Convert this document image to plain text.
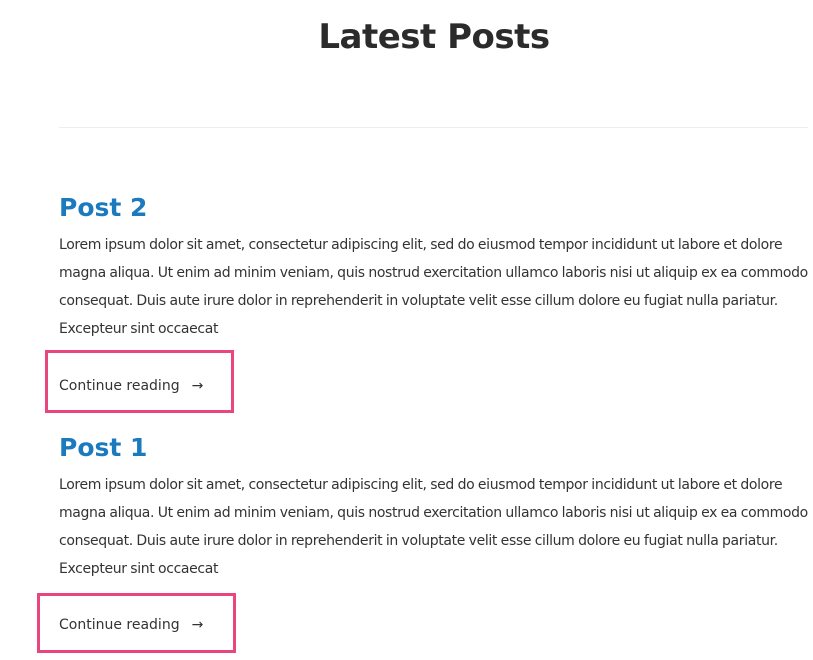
Latest Posts
Post 2

Lorem ipsum dolor sit amet, consectetur adipiscing elit, sed do eiusmod tempor incididunt ut labore et dolore magna aliqua. Ut enim ad minim veniam, quis nostrud exercitation ullamco laboris nisi ut aliquip ex ea commodo consequat. Duis aute irure dolor in reprehenderit in voluptate velit esse cillum dolore eu fugiat nulla pariatur. Excepteur sint occaecat

Continue reading →
Post 1

Lorem ipsum dolor sit amet, consectetur adipiscing elit, sed do eiusmod tempor incididunt ut labore et dolore magna aliqua. Ut enim ad minim veniam, quis nostrud exercitation ullamco laboris nisi ut aliquip ex ea commodo consequat. Duis aute irure dolor in reprehenderit in voluptate velit esse cillum dolore eu fugiat nulla pariatur. Excepteur sint occaecat

Continue reading →
